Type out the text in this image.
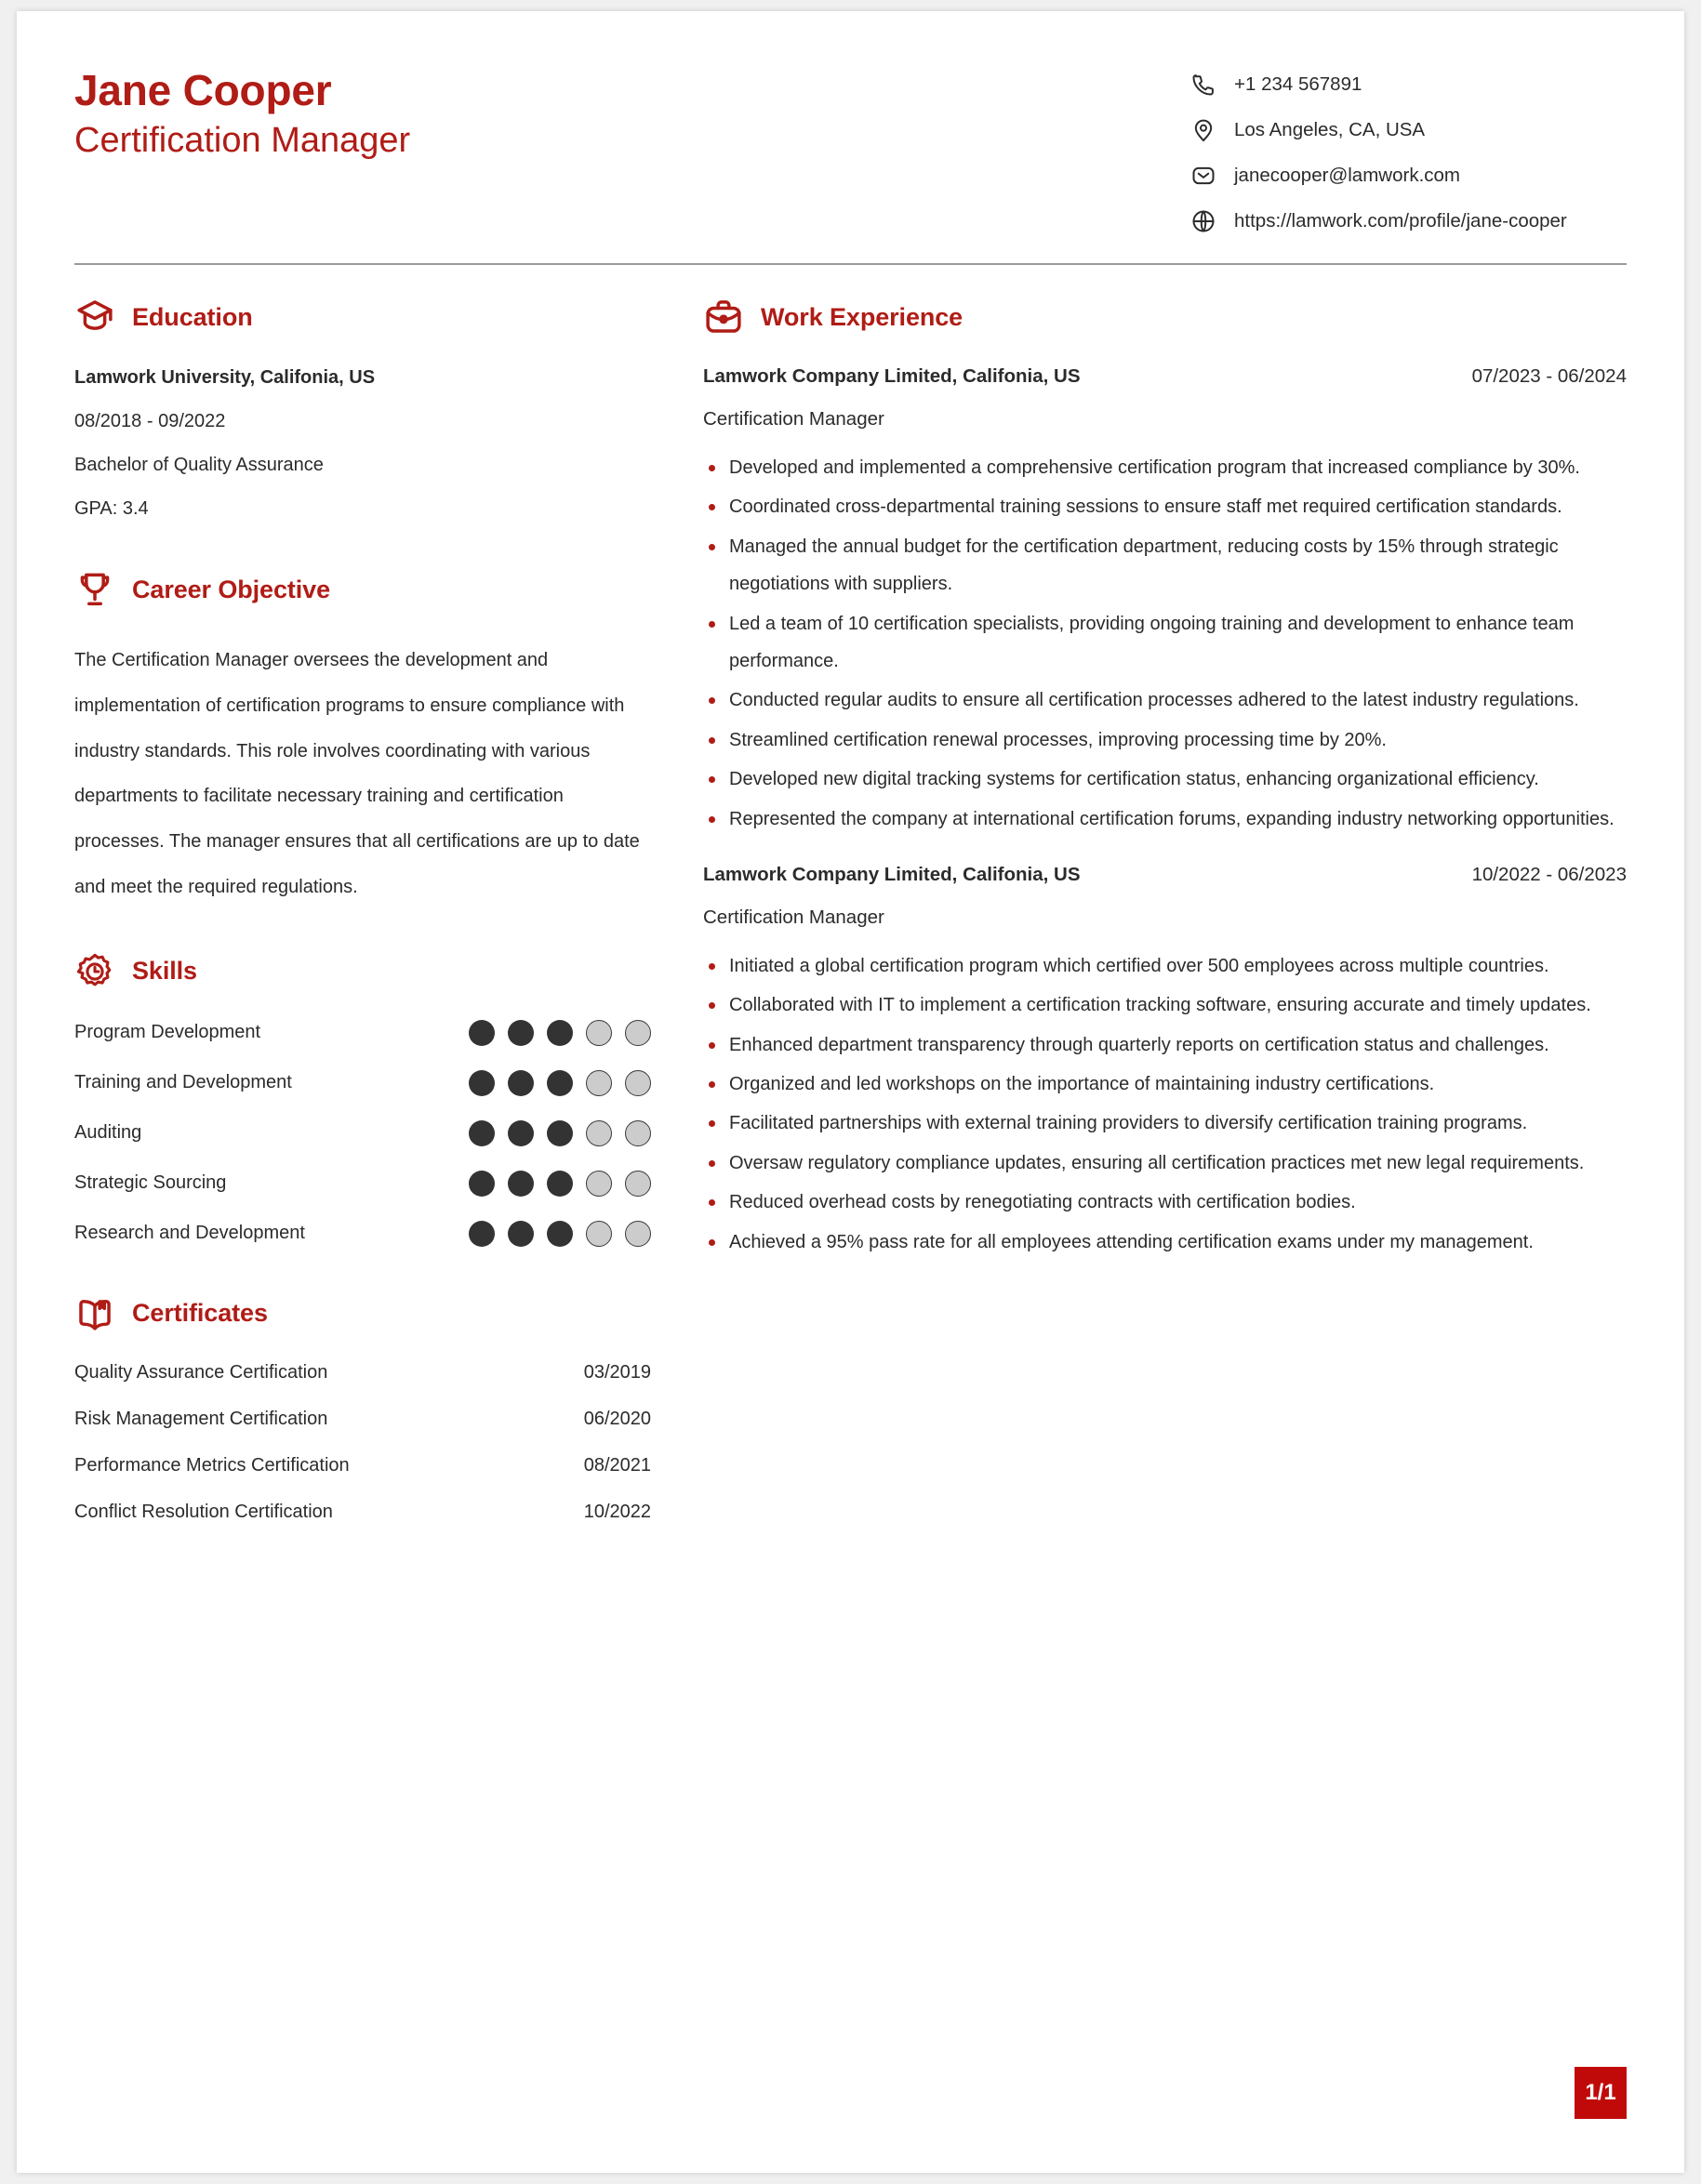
Jane Cooper
Certification Manager
+1 234 567891
Los Angeles, CA, USA
janecooper@lamwork.com
https://lamwork.com/profile/jane-cooper
Education
Lamwork University, Califonia, US
08/2018 - 09/2022
Bachelor of Quality Assurance
GPA: 3.4
Career Objective
The Certification Manager oversees the development and implementation of certification programs to ensure compliance with industry standards. This role involves coordinating with various departments to facilitate necessary training and certification processes. The manager ensures that all certifications are up to date and meet the required regulations.
Skills
Program Development
Training and Development
Auditing
Strategic Sourcing
Research and Development
Certificates
Quality Assurance Certification	03/2019
Risk Management Certification	06/2020
Performance Metrics Certification	08/2021
Conflict Resolution Certification	10/2022
Work Experience
Lamwork Company Limited, Califonia, US	07/2023 - 06/2024
Certification Manager
Developed and implemented a comprehensive certification program that increased compliance by 30%.
Coordinated cross-departmental training sessions to ensure staff met required certification standards.
Managed the annual budget for the certification department, reducing costs by 15% through strategic negotiations with suppliers.
Led a team of 10 certification specialists, providing ongoing training and development to enhance team performance.
Conducted regular audits to ensure all certification processes adhered to the latest industry regulations.
Streamlined certification renewal processes, improving processing time by 20%.
Developed new digital tracking systems for certification status, enhancing organizational efficiency.
Represented the company at international certification forums, expanding industry networking opportunities.
Lamwork Company Limited, Califonia, US	10/2022 - 06/2023
Certification Manager
Initiated a global certification program which certified over 500 employees across multiple countries.
Collaborated with IT to implement a certification tracking software, ensuring accurate and timely updates.
Enhanced department transparency through quarterly reports on certification status and challenges.
Organized and led workshops on the importance of maintaining industry certifications.
Facilitated partnerships with external training providers to diversify certification training programs.
Oversaw regulatory compliance updates, ensuring all certification practices met new legal requirements.
Reduced overhead costs by renegotiating contracts with certification bodies.
Achieved a 95% pass rate for all employees attending certification exams under my management.
1/1
